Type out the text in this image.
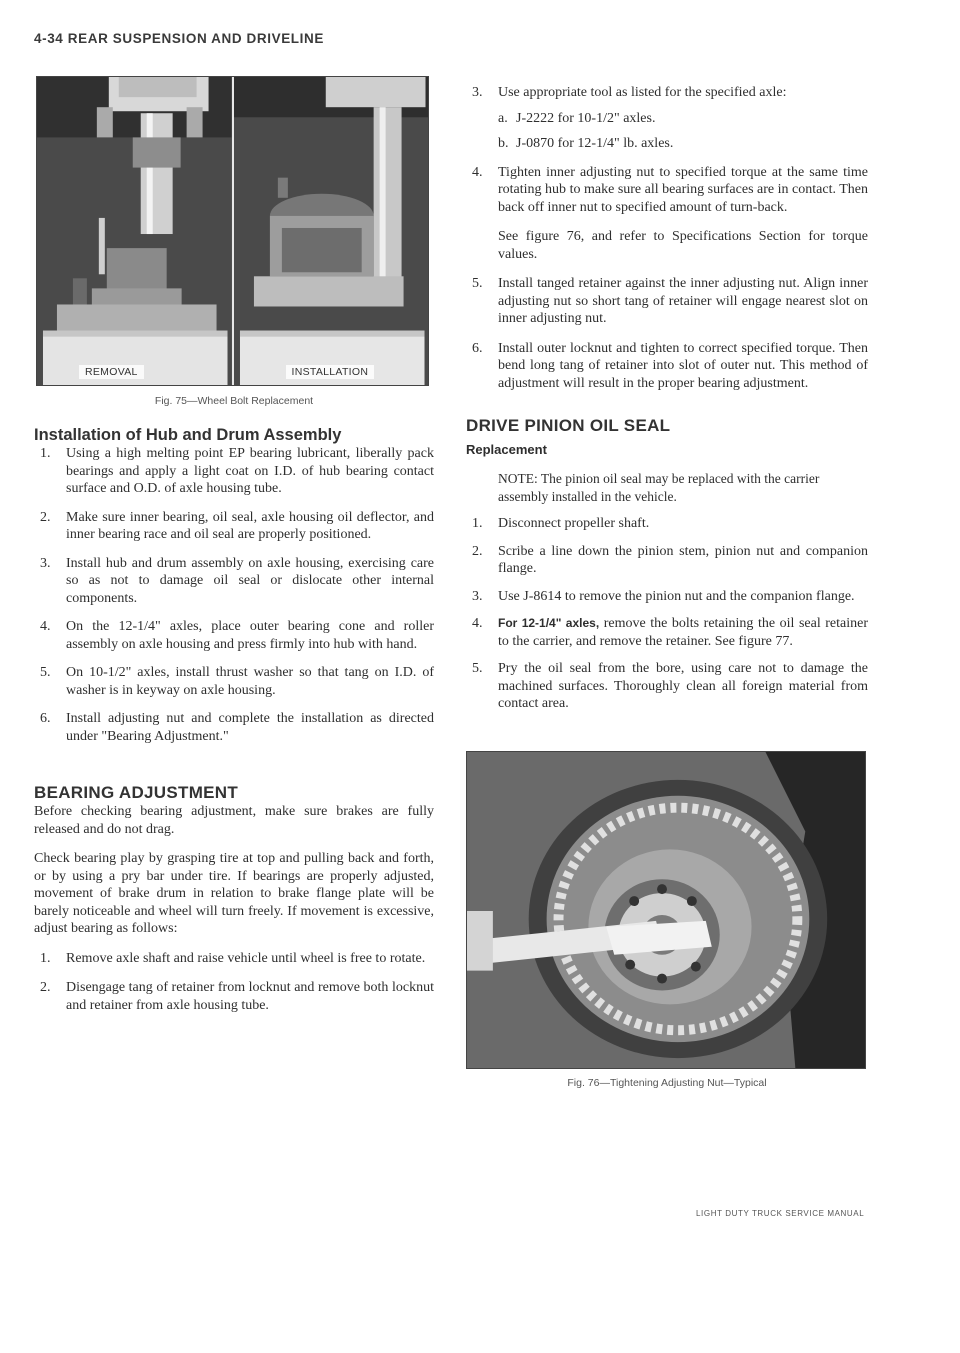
4-34 REAR SUSPENSION AND DRIVELINE
REMOVAL	INSTALLATION

Fig. 75—Wheel Bolt Replacement

Installation of Hub and Drum Assembly
1.	Using a high melting point EP bearing lubricant, liberally pack bearings and apply a light coat on I.D. of hub bearing contact surface and O.D. of axle housing tube.
2.	Make sure inner bearing, oil seal, axle housing oil deflector, and inner bearing race and oil seal are properly positioned.
3.	Install hub and drum assembly on axle housing, exercising care so as not to damage oil seal or dislocate other internal components.
4.	On the 12-1/4" axles, place outer bearing cone and roller assembly on axle housing and press firmly into hub with hand.
5.	On 10-1/2" axles, install thrust washer so that tang on I.D. of washer is in keyway on axle housing.
6.	Install adjusting nut and complete the installation as directed under "Bearing Adjustment."
BEARING ADJUSTMENT

Before checking bearing adjustment, make sure brakes are fully released and do not drag.

Check bearing play by grasping tire at top and pulling back and forth, or by using a pry bar under tire. If bearings are properly adjusted, movement of brake drum in relation to brake flange plate will be barely noticeable and wheel will turn freely. If movement is excessive, adjust bearing as follows:

1.	Remove axle shaft and raise vehicle until wheel is free to rotate.
2.	Disengage tang of retainer from locknut and remove both locknut and retainer from axle housing tube.
3.	Use appropriate tool as listed for the specified axle:
a. J-2222 for 10-1/2" axles.
b. J-0870 for 12-1/4" lb. axles.
4.	Tighten inner adjusting nut to specified torque at the same time rotating hub to make sure all bearing surfaces are in contact. Then back off inner nut to specified amount of turn-back.

See figure 76, and refer to Specifications Section for torque values.

5.	Install tanged retainer against the inner adjusting nut. Align inner adjusting nut so short tang of retainer will engage nearest slot on inner adjusting nut.
6.	Install outer locknut and tighten to correct specified torque. Then bend long tang of retainer into slot of outer nut. This method of adjustment will result in the proper bearing adjustment.
DRIVE PINION OIL SEAL
Replacement

NOTE: The pinion oil seal may be replaced with the carrier assembly installed in the vehicle.

1.	Disconnect propeller shaft.
2.	Scribe a line down the pinion stem, pinion nut and companion flange.
3.	Use J-8614 to remove the pinion nut and the companion flange.
4.	For 12-1/4" axles, remove the bolts retaining the oil seal retainer to the carrier, and remove the retainer. See figure 77.
5.	Pry the oil seal from the bore, using care not to damage the machined surfaces. Thoroughly clean all foreign material from contact area.

Fig. 76—Tightening Adjusting Nut—Typical

LIGHT DUTY TRUCK SERVICE MANUAL
